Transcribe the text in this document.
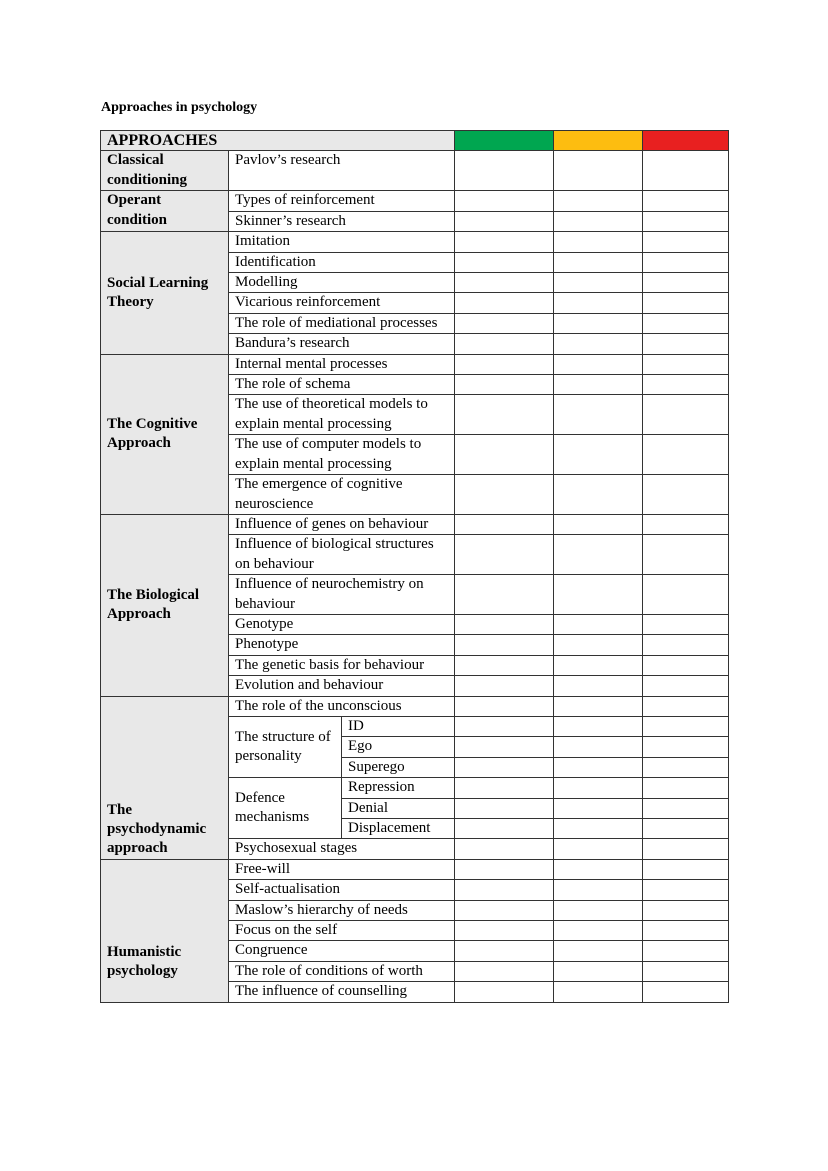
Approaches in psychology
APPROACHES					
Classical conditioning	Pavlov’s research				
Operant condition	Types of reinforcement				
	Skinner’s research				
Social Learning Theory	Imitation				
	Identification				
	Modelling				
	Vicarious reinforcement				
	The role of mediational processes				
	Bandura’s research				
The Cognitive Approach	Internal mental processes				
	The role of schema				
	The use of theoretical models to explain mental processing				
	The use of computer models to explain mental processing				
	The emergence of cognitive neuroscience				
The Biological Approach	Influence of genes on behaviour				
	Influence of biological structures on behaviour				
	Influence of neurochemistry on behaviour				
	Genotype				
	Phenotype				
	The genetic basis for behaviour				
	Evolution and behaviour				
The psychodynamic approach	The role of the unconscious				
	The structure of personality	ID			
		Ego			
		Superego			
	Defence mechanisms	Repression			
		Denial			
		Displacement			
	Psychosexual stages				
Humanistic psychology	Free-will				
	Self-actualisation				
	Maslow’s hierarchy of needs				
	Focus on the self				
	Congruence				
	The role of conditions of worth				
	The influence of counselling				
